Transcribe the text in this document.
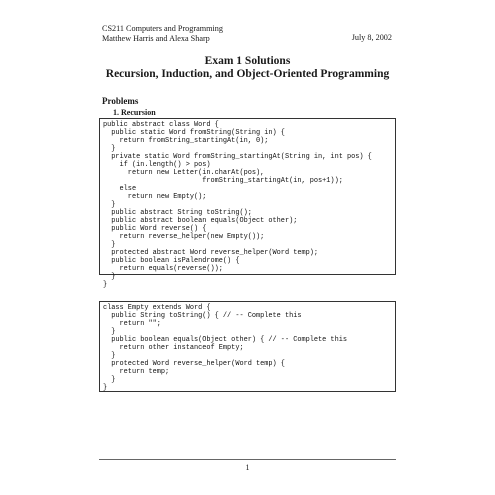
CS211 Computers and Programming
Matthew Harris and Alexa Sharp	July 8, 2002
Exam 1 Solutions
Recursion, Induction, and Object-Oriented Programming
Problems
1. Recursion
public abstract class Word {
public static Word fromString(String in) {
return fromString_startingAt(in, 0);
}
private static Word fromString_startingAt(String in, int pos) {
if (in.length() > pos)
return new Letter(in.charAt(pos),
fromString_startingAt(in, pos+1));
else
return new Empty();
}
public abstract String toString();
public abstract boolean equals(Object other);
public Word reverse() {
return reverse_helper(new Empty());
}
protected abstract Word reverse_helper(Word temp);
public boolean isPalendrome() {
return equals(reverse());
}
}
class Empty extends Word {
public String toString() { // -- Complete this
return "";
}
public boolean equals(Object other) { // -- Complete this
return other instanceof Empty;
}
protected Word reverse_helper(Word temp) {
return temp;
}
}
1
